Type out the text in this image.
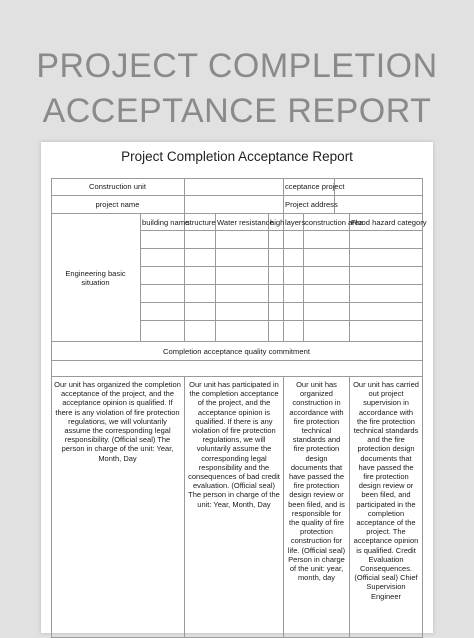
PROJECT COMPLETION
ACCEPTANCE REPORT
Project Completion Acceptance Report
Construction unit	cceptance project
project name	Project address
Engineering basic situation
building name
structure Water resistance
high layers construction area
Flood hazard category
Completion acceptance quality commitment
Our unit has organized the completion acceptance of the project, and the acceptance opinion is qualified. If there is any violation of fire protection regulations, we will voluntarily assume the corresponding legal responsibility. (Official seal) The person in charge of the unit: Year, Month, Day
Our unit has participated in the completion acceptance of the project, and the acceptance opinion is qualified. If there is any violation of fire protection regulations, we will voluntarily assume the corresponding legal responsibility and the consequences of bad credit evaluation. (Official seal) The person in charge of the unit: Year, Month, Day
Our unit has organized construction in accordance with fire protection technical standards and fire protection design documents that have passed the fire protection design review or been filed, and is responsible for the quality of fire protection construction for life. (Official seal) Person in charge of the unit: year, month, day
Our unit has carried out project supervision in accordance with the fire protection technical standards and the fire protection design documents that have passed the fire protection design review or been filed, and participated in the completion acceptance of the project. The acceptance opinion is qualified. Credit Evaluation Consequences. (Official seal) Chief Supervision Engineer
